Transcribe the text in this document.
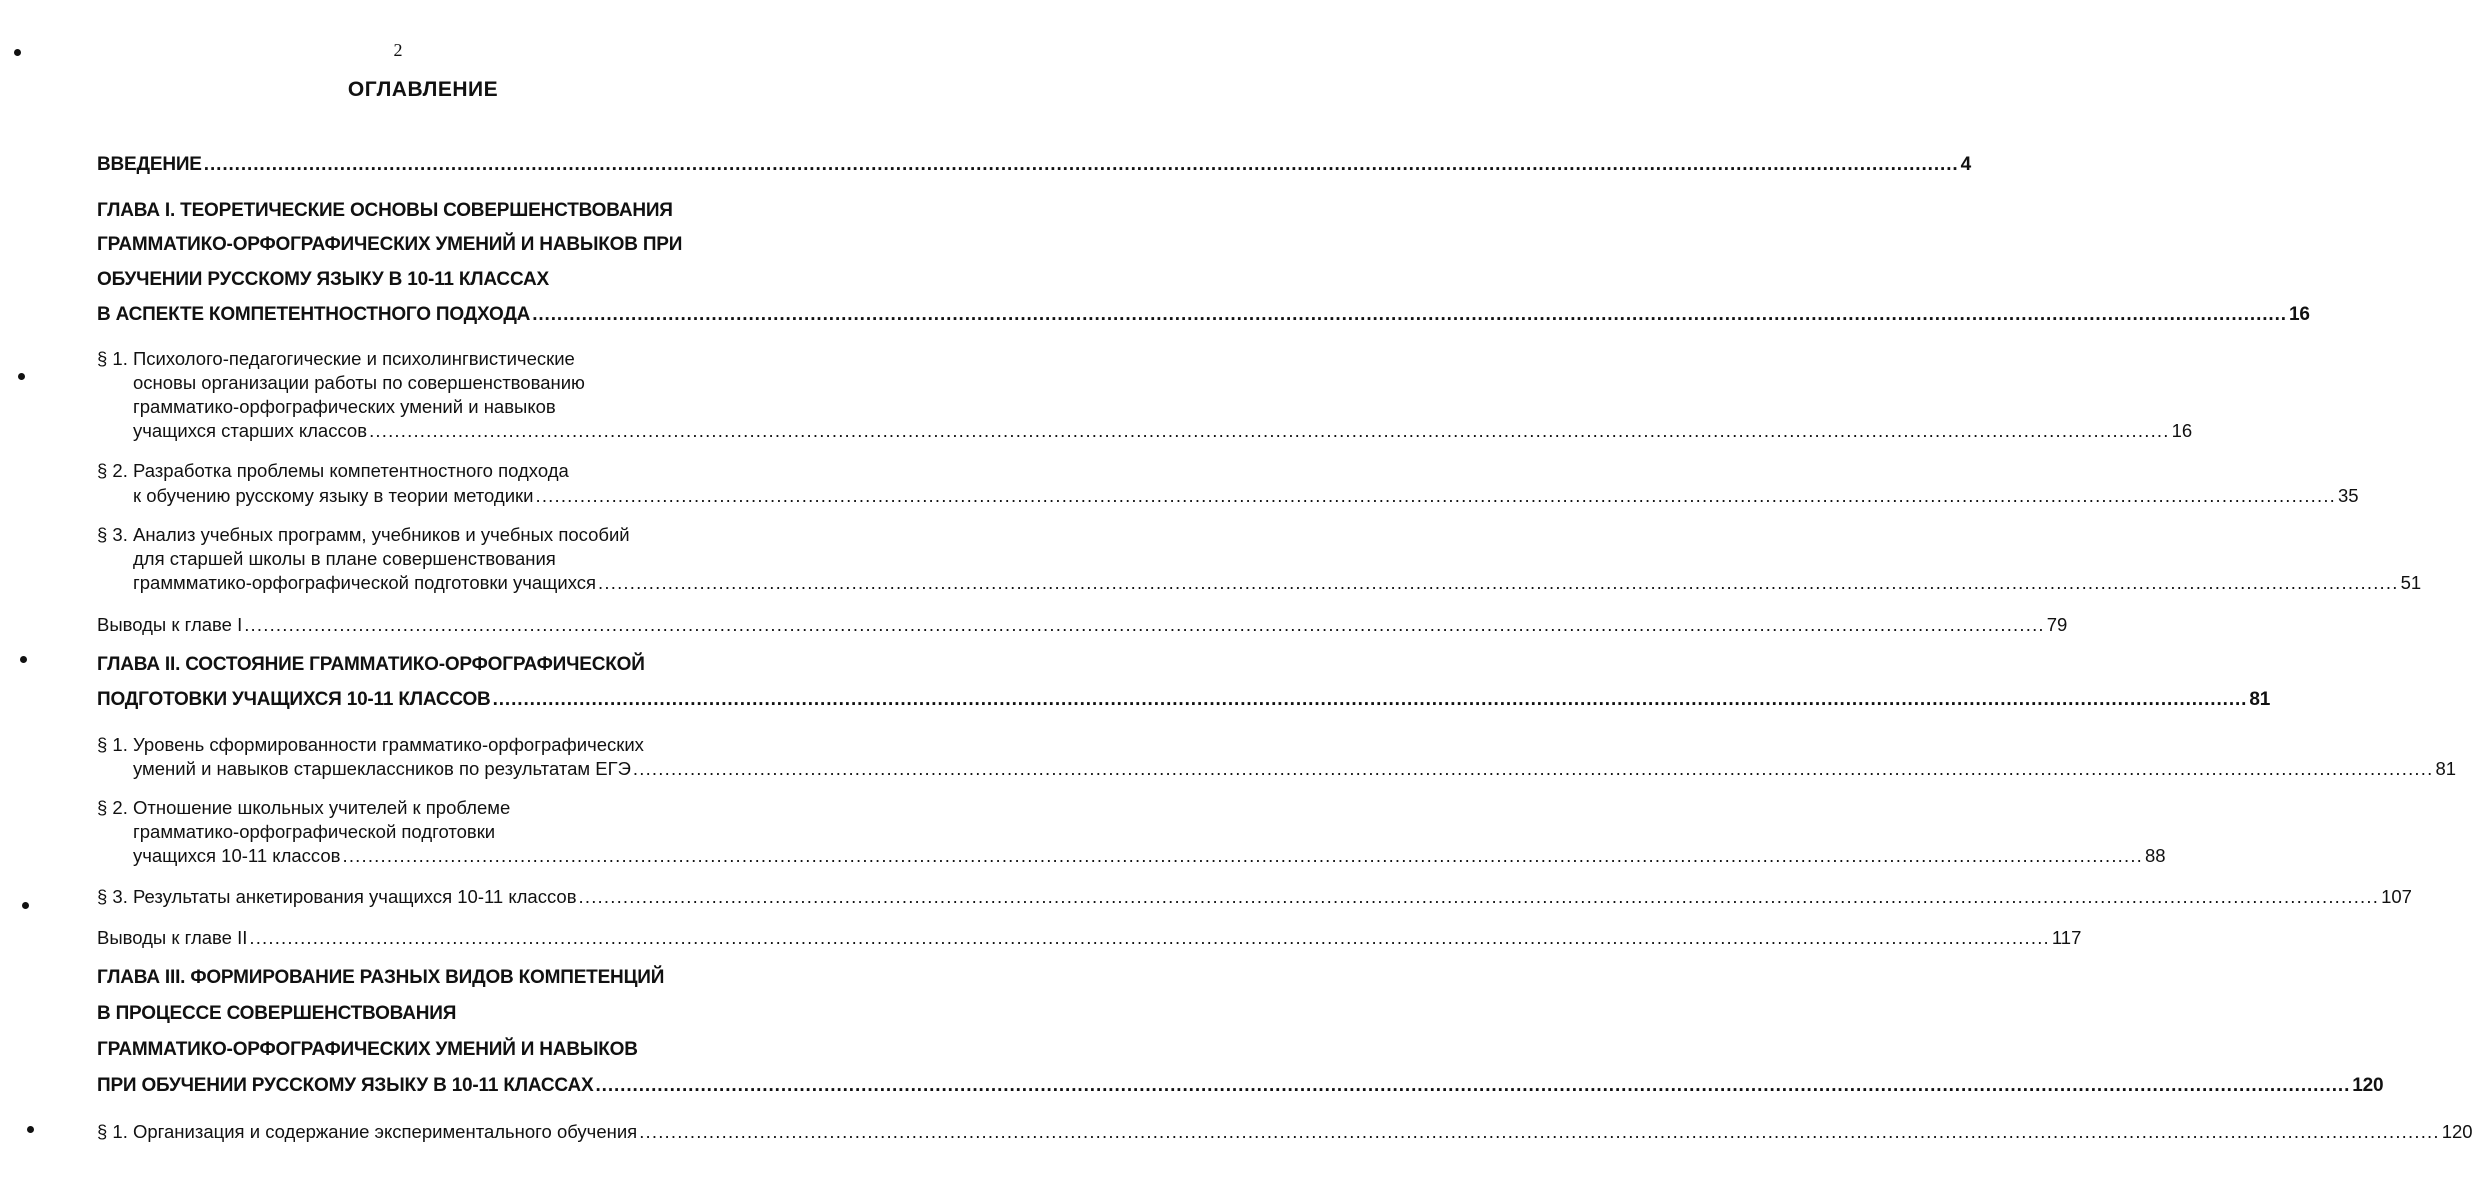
2
ОГЛАВЛЕНИЕ
ВВЕДЕНИЕ ............................................................................................................................................................................................................................................................................................ 4
ГЛАВА I. ТЕОРЕТИЧЕСКИЕ ОСНОВЫ СОВЕРШЕНСТВОВАНИЯ
ГРАММАТИКО-ОРФОГРАФИЧЕСКИХ УМЕНИЙ И НАВЫКОВ ПРИ
ОБУЧЕНИИ РУССКОМУ ЯЗЫКУ В 10-11 КЛАССАХ
В АСПЕКТЕ КОМПЕТЕНТНОСТНОГО ПОДХОДА ............................................................................................................................................................................................................................................................................................ 16
§ 1. Психолого-педагогические и психолингвистические
основы организации работы по совершенствованию
грамматико-орфографических умений и навыков
учащихся старших классов ............................................................................................................................................................................................................................................................................................ 16
§ 2. Разработка проблемы компетентностного подхода
к обучению русскому языку в теории методики ............................................................................................................................................................................................................................................................................................ 35
§ 3. Анализ учебных программ, учебников и учебных пособий
для старшей школы в плане совершенствования
граммматико-орфографической подготовки учащихся ............................................................................................................................................................................................................................................................................................ 51
Выводы к главе I ............................................................................................................................................................................................................................................................................................ 79
ГЛАВА II. СОСТОЯНИЕ ГРАММАТИКО-ОРФОГРАФИЧЕСКОЙ
ПОДГОТОВКИ УЧАЩИХСЯ 10-11 КЛАССОВ ............................................................................................................................................................................................................................................................................................ 81
§ 1. Уровень сформированности грамматико-орфографических
умений и навыков старшеклассников по результатам ЕГЭ ............................................................................................................................................................................................................................................................................................ 81
§ 2. Отношение школьных учителей к проблеме
грамматико-орфографической подготовки
учащихся 10-11 классов ............................................................................................................................................................................................................................................................................................ 88
§ 3. Результаты анкетирования учащихся 10-11 классов ............................................................................................................................................................................................................................................................................................ 107
Выводы к главе II ............................................................................................................................................................................................................................................................................................ 117
ГЛАВА III. ФОРМИРОВАНИЕ РАЗНЫХ ВИДОВ КОМПЕТЕНЦИЙ
В ПРОЦЕССЕ СОВЕРШЕНСТВОВАНИЯ
ГРАММАТИКО-ОРФОГРАФИЧЕСКИХ УМЕНИЙ И НАВЫКОВ
ПРИ ОБУЧЕНИИ РУССКОМУ ЯЗЫКУ В 10-11 КЛАССАХ ............................................................................................................................................................................................................................................................................................ 120
§ 1. Организация и содержание экспериментального обучения ............................................................................................................................................................................................................................................................................................ 120
